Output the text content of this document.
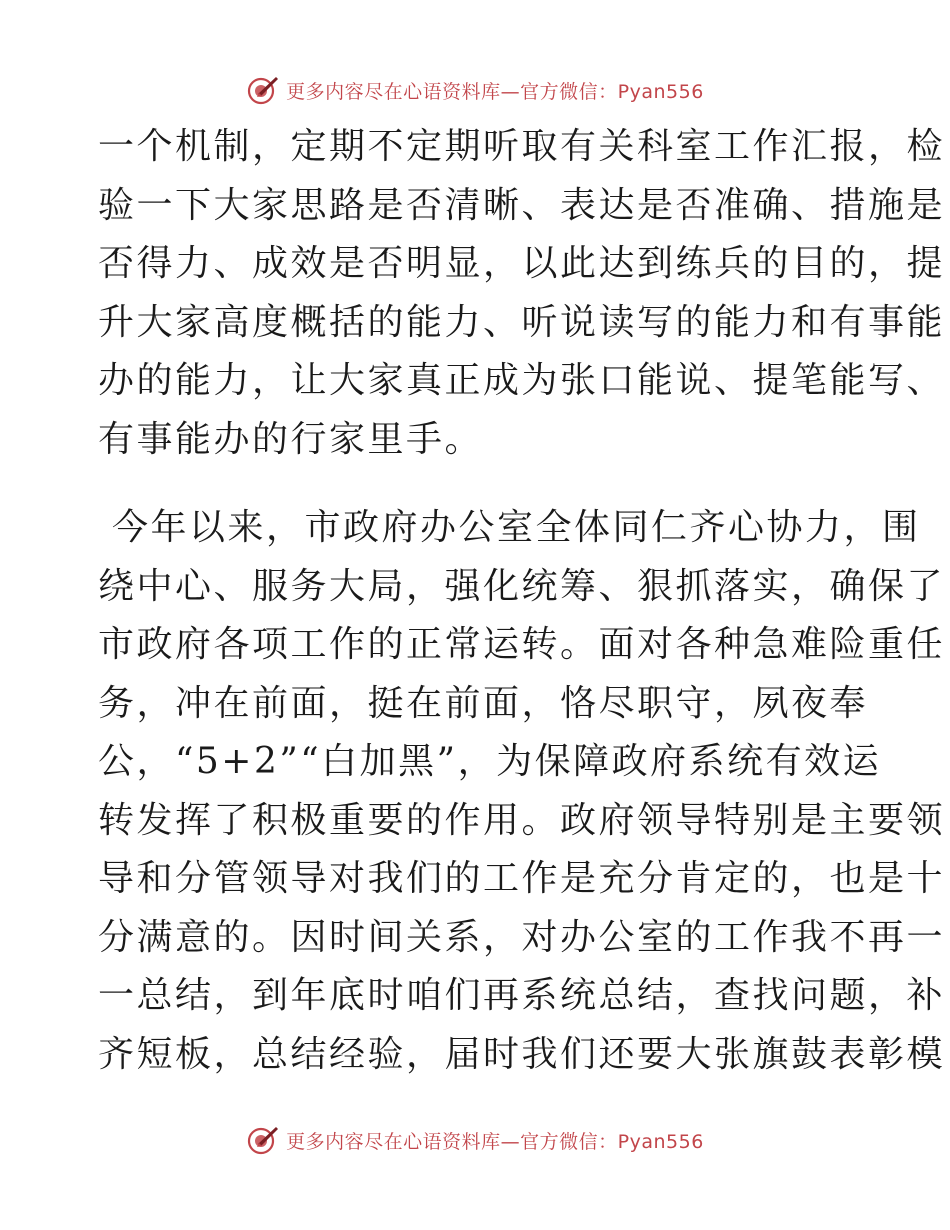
更多内容尽在心语资料库—官方微信：Pyan556

一个机制，定期不定期听取有关科室工作汇报，检
验一下大家思路是否清晰、表达是否准确、措施是
否得力、成效是否明显，以此达到练兵的目的，提
升大家高度概括的能力、听说读写的能力和有事能
办的能力，让大家真正成为张口能说、提笔能写、
有事能办的行家里手。

今年以来，市政府办公室全体同仁齐心协力，围
绕中心、服务大局，强化统筹、狠抓落实，确保了
市政府各项工作的正常运转。面对各种急难险重任
务，冲在前面，挺在前面，恪尽职守，夙夜奉
公，“5+2”“白加黑”，为保障政府系统有效运
转发挥了积极重要的作用。政府领导特别是主要领
导和分管领导对我们的工作是充分肯定的，也是十
分满意的。因时间关系，对办公室的工作我不再一
一总结，到年底时咱们再系统总结，查找问题，补
齐短板，总结经验，届时我们还要大张旗鼓表彰模

更多内容尽在心语资料库—官方微信：Pyan556
